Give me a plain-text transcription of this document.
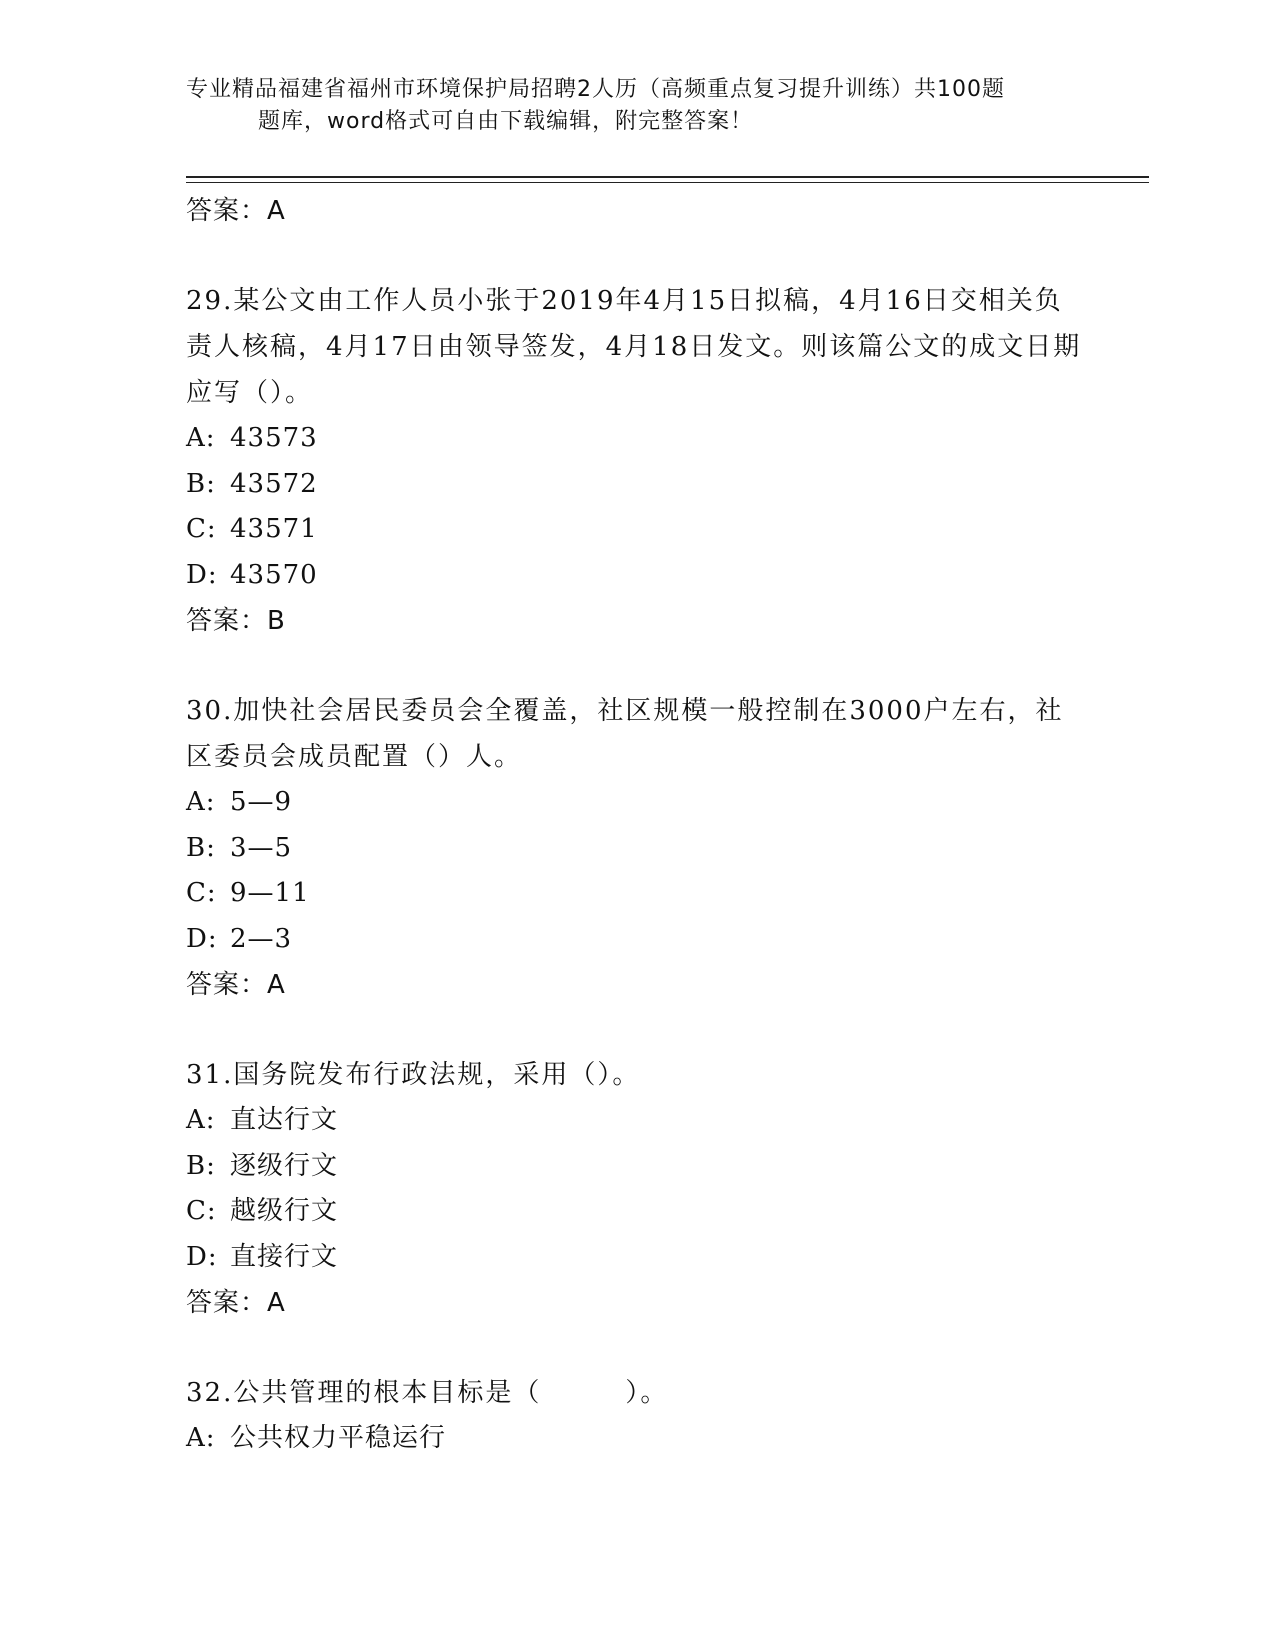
专业精品福建省福州市环境保护局招聘2人历（高频重点复习提升训练）共100题
题库，word格式可自由下载编辑，附完整答案！
答案：A
29.某公文由工作人员小张于2019年4月15日拟稿，4月16日交相关负责人核稿，4月17日由领导签发，4月18日发文。则该篇公文的成文日期应写（）。
A: 43573
B: 43572
C: 43571
D: 43570
答案：B
30.加快社会居民委员会全覆盖，社区规模一般控制在3000户左右，社区委员会成员配置（）人。
A: 5—9
B: 3—5
C: 9—11
D: 2—3
答案：A
31.国务院发布行政法规，采用（）。
A: 直达行文
B: 逐级行文
C: 越级行文
D: 直接行文
答案：A
32.公共管理的根本目标是（　　　）。
A: 公共权力平稳运行
